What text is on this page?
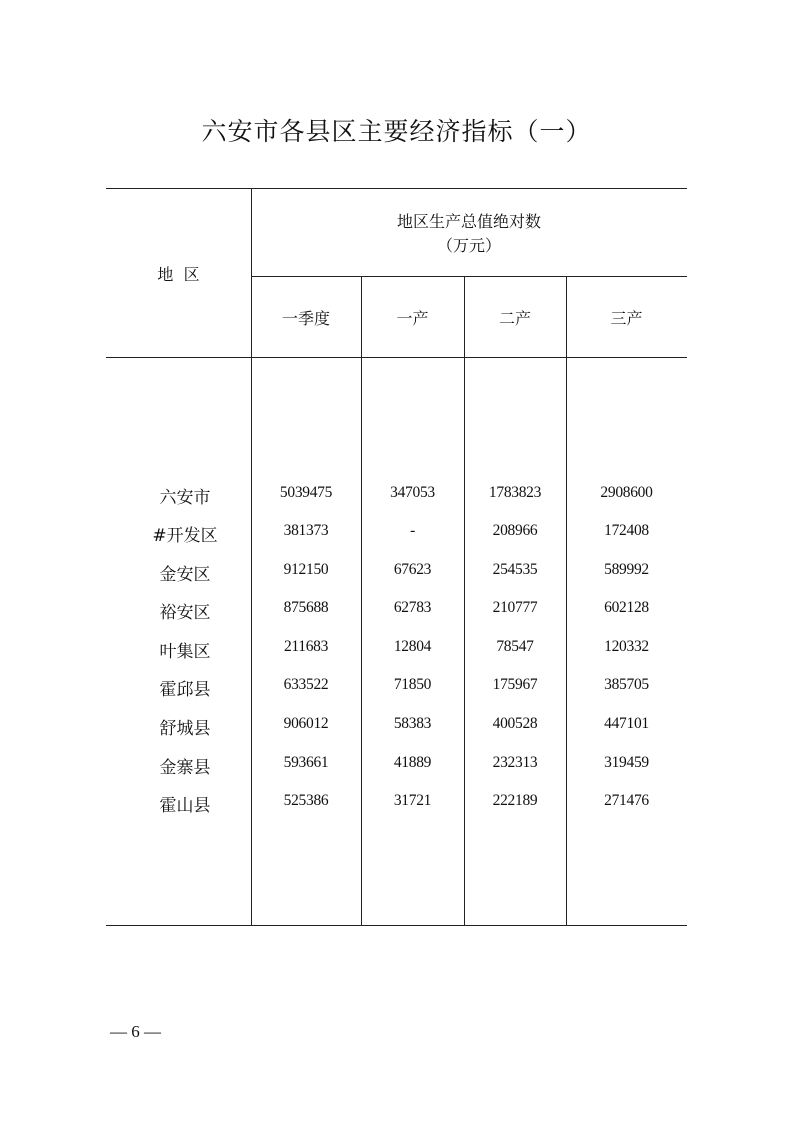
六安市各县区主要经济指标（一）
地  区
地区生产总值绝对数
（万元）
一季度	一产	二产	三产
六安市	5039475	347053	1783823	2908600
#开发区	381373	-	208966	172408
金安区	912150	67623	254535	589992
裕安区	875688	62783	210777	602128
叶集区	211683	12804	78547	120332
霍邱县	633522	71850	175967	385705
舒城县	906012	58383	400528	447101
金寨县	593661	41889	232313	319459
霍山县	525386	31721	222189	271476
— 6 —
